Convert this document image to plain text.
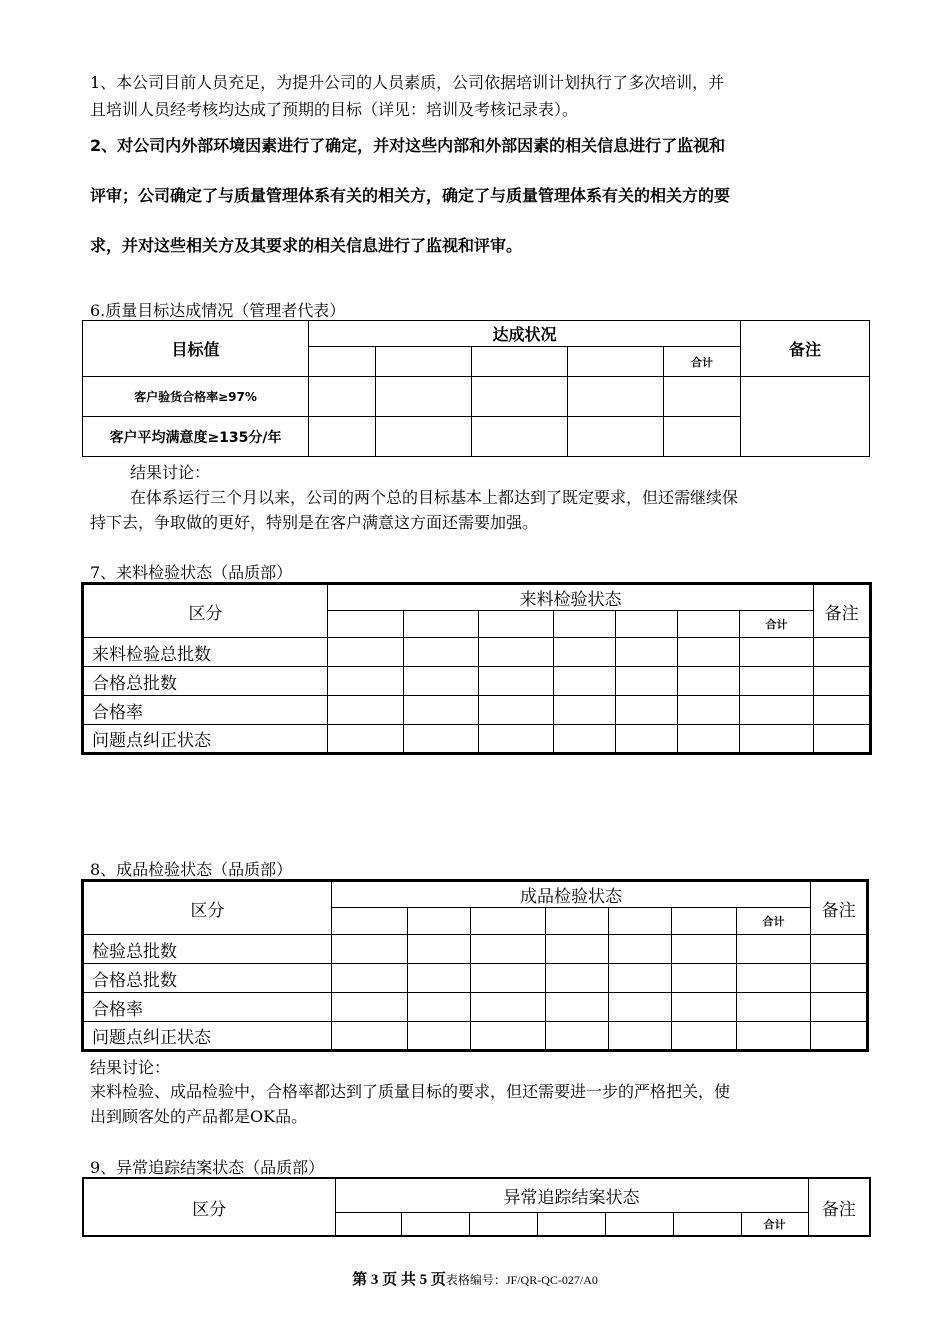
1、本公司目前人员充足，为提升公司的人员素质，公司依据培训计划执行了多次培训，并

且培训人员经考核均达成了预期的目标（详见：培训及考核记录表）。

2、对公司内外部环境因素进行了确定，并对这些内部和外部因素的相关信息进行了监视和

评审；公司确定了与质量管理体系有关的相关方，确定了与质量管理体系有关的相关方的要

求，并对这些相关方及其要求的相关信息进行了监视和评审。

6.质量目标达成情况（管理者代表）
目标值	达成状况					备注
					合计	
客户验货合格率≥97%						
客户平均满意度≥135分/年						

结果讨论：

在体系运行三个月以来，公司的两个总的目标基本上都达到了既定要求，但还需继续保

持下去，争取做的更好，特别是在客户满意这方面还需要加强。

7、来料检验状态（品质部）
区分	来料检验状态							备注
							合计	
来料检验总批数								
合格总批数								
合格率								
问题点纠正状态								
8、成品检验状态（品质部）
区分	成品检验状态							备注
							合计	
检验总批数								
合格总批数								
合格率								
问题点纠正状态								

结果讨论：

来料检验、成品检验中，合格率都达到了质量目标的要求，但还需要进一步的严格把关，使

出到顾客处的产品都是OK品。

9、异常追踪结案状态（品质部）
区分	异常追踪结案状态							备注
							合计	
第 3 页 共 5 页表格编号：JF/QR-QC-027/A0
